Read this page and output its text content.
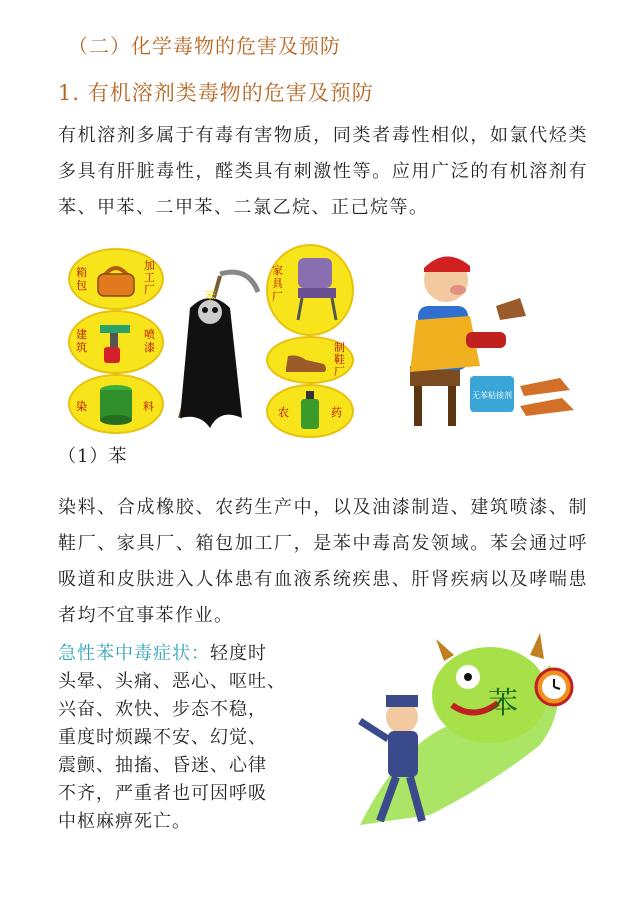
（二）化学毒物的危害及预防
1. 有机溶剂类毒物的危害及预防
有机溶剂多属于有毒有害物质，同类者毒性相似，如氯代烃类多具有肝脏毒性，醛类具有刺激性等。应用广泛的有机溶剂有苯、甲苯、二甲苯、二氯乙烷、正己烷等。
箱包
加工厂
建筑
喷漆
染	料
苯
家具厂
制鞋厂
农	药
无苯粘接剂
（1）苯
染料、合成橡胶、农药生产中，以及油漆制造、建筑喷漆、制鞋厂、家具厂、箱包加工厂，是苯中毒高发领域。苯会通过呼吸道和皮肤进入人体患有血液系统疾患、肝肾疾病以及哮喘患者均不宜事苯作业。
急性苯中毒症状：轻度时
头晕、头痛、恶心、呕吐、
兴奋、欢快、步态不稳，
重度时烦躁不安、幻觉、
震颤、抽搐、昏迷、心律
不齐，严重者也可因呼吸
中枢麻痹死亡。
苯
